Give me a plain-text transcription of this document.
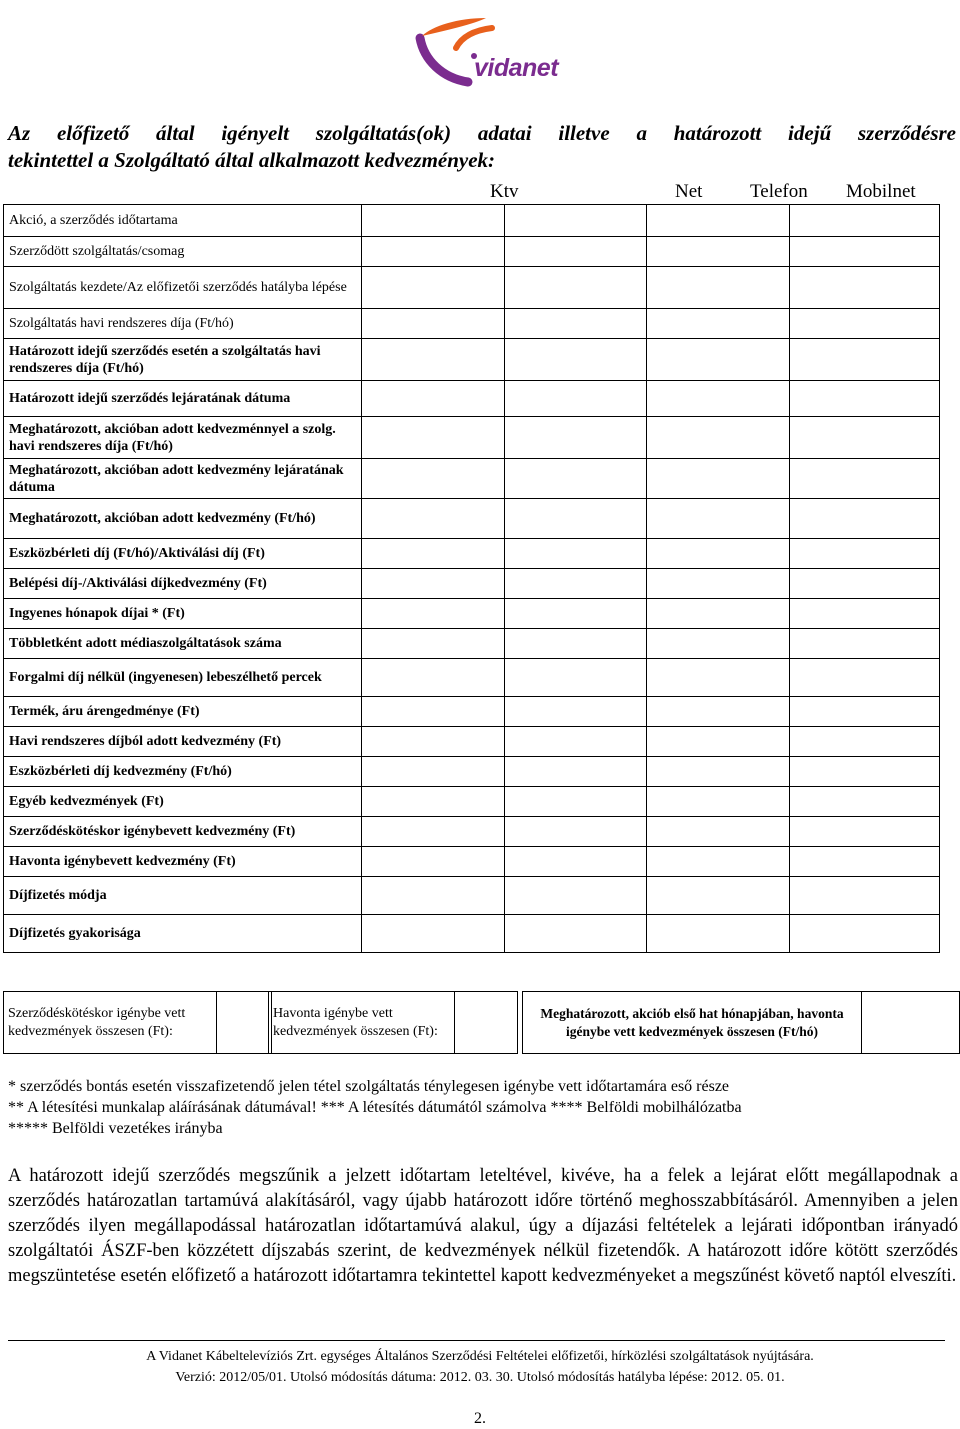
vidanet
Az előfizető által igényelt szolgáltatás(ok) adatai illetve a határozott idejű szerződésre

tekintettel a Szolgáltató által alkalmazott kedvezmények:
Ktv	Net	Telefon Mobilnet
Akció, a szerződés időtartama				
Szerződött szolgáltatás/csomag				
Szolgáltatás kezdete/Az előfizetői szerződés hatályba lépése				
Szolgáltatás havi rendszeres díja (Ft/hó)				
Határozott idejű szerződés esetén a szolgáltatás havi rendszeres díja (Ft/hó)				
Határozott idejű szerződés lejáratának dátuma				
Meghatározott, akcióban adott kedvezménnyel a szolg. havi rendszeres díja (Ft/hó)				
Meghatározott, akcióban adott kedvezmény lejáratának dátuma				
Meghatározott, akcióban adott kedvezmény (Ft/hó)				
Eszközbérleti díj (Ft/hó)/Aktiválási díj (Ft)				
Belépési díj-/Aktiválási díjkedvezmény (Ft)				
Ingyenes hónapok díjai * (Ft)				
Többletként adott médiaszolgáltatások száma				
Forgalmi díj nélkül (ingyenesen) lebeszélhető percek				
Termék, áru árengedménye (Ft)				
Havi rendszeres díjból adott kedvezmény (Ft)				
Eszközbérleti díj kedvezmény (Ft/hó)				
Egyéb kedvezmények (Ft)				
Szerződéskötéskor igénybevett kedvezmény (Ft)				
Havonta igénybevett kedvezmény (Ft)				
Díjfizetés módja				
Díjfizetés gyakorisága				
Szerződéskötéskor igénybe vett kedvezmények összesen (Ft):	
Havonta igénybe vett kedvezmények összesen (Ft):	
Meghatározott, akciób első hat hónapjában, havonta igénybe vett kedvezmények összesen (Ft/hó)	

* szerződés bontás esetén visszafizetendő jelen tétel szolgáltatás ténylegesen igénybe vett időtartamára eső része

** A létesítési munkalap aláírásának dátumával! *** A létesítés dátumától számolva **** Belföldi mobilhálózatba

***** Belföldi vezetékes irányba

A határozott idejű szerződés megszűnik a jelzett időtartam leteltével, kivéve, ha a felek a lejárat előtt megállapodnak a szerződés határozatlan tartamúvá alakításáról, vagy újabb határozott időre történő meghosszabbításáról. Amennyiben a jelen szerződés ilyen megállapodással határozatlan időtartamúvá alakul, úgy a díjazási feltételek a lejárati időpontban irányadó szolgáltatói ÁSZF-ben közzétett díjszabás szerint, de kedvezmények nélkül fizetendők. A határozott időre kötött szerződés megszüntetése esetén előfizető a határozott időtartamra tekintettel kapott kedvezményeket a megszűnést követő naptól elveszíti.
A Vidanet Kábeltelevíziós Zrt. egységes Általános Szerződési Feltételei előfizetői, hírközlési szolgáltatások nyújtására.
Verzió: 2012/05/01. Utolsó módosítás dátuma: 2012. 03. 30. Utolsó módosítás hatályba lépése: 2012. 05. 01.
2.
